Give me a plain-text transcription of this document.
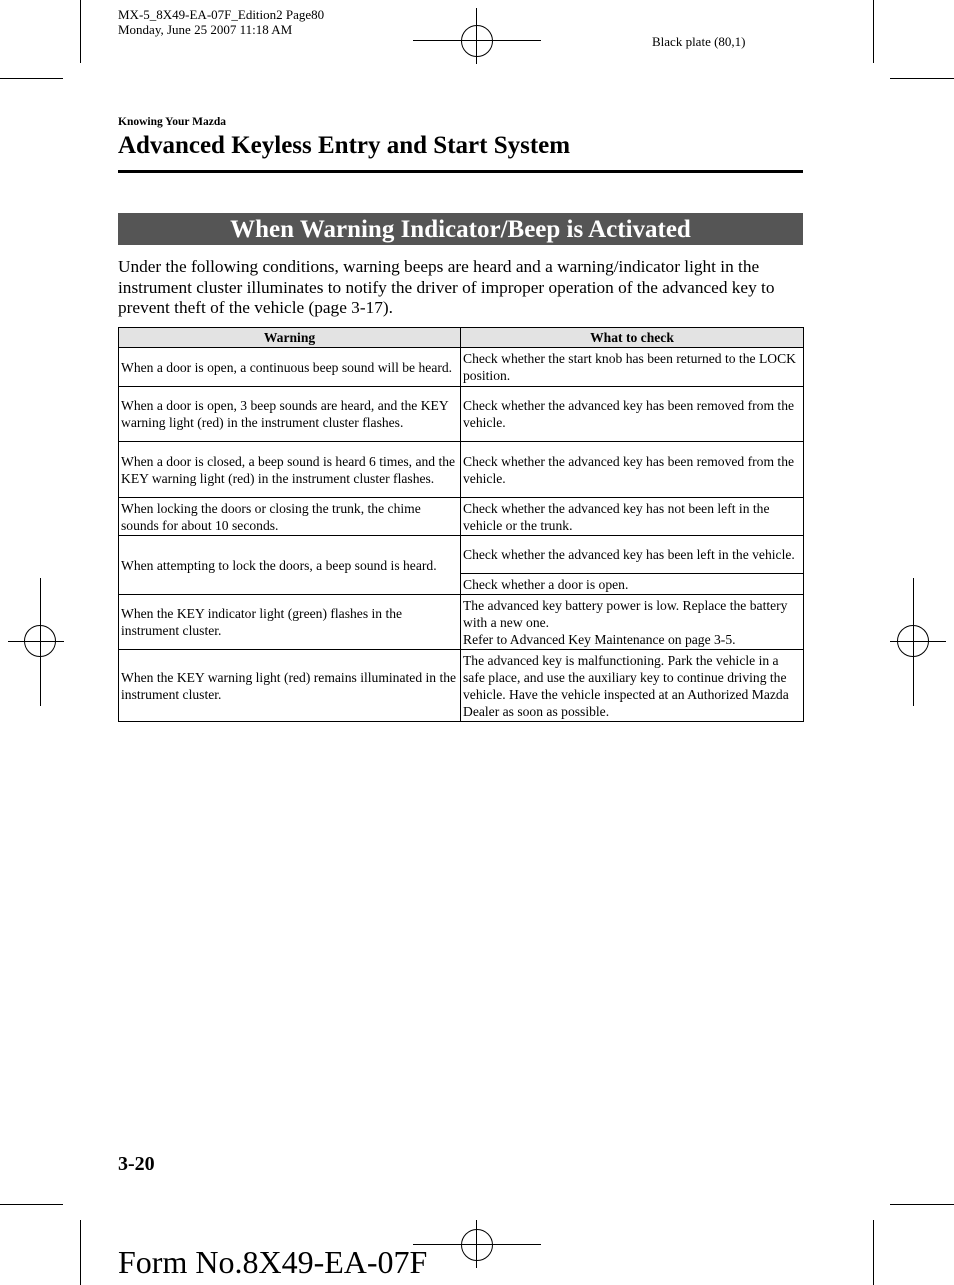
MX-5_8X49-EA-07F_Edition2 Page80
Monday, June 25 2007 11:18 AM
Black plate (80,1)
Knowing Your Mazda
Advanced Keyless Entry and Start System
When Warning Indicator/Beep is Activated
Under the following conditions, warning beeps are heard and a warning/indicator light in the instrument cluster illuminates to notify the driver of improper operation of the advanced key to prevent theft of the vehicle (page 3-17).
Warning	What to check
When a door is open, a continuous beep sound will be heard.	Check whether the start knob has been returned to the LOCK position.
When a door is open, 3 beep sounds are heard, and the KEY warning light (red) in the instrument cluster flashes.	Check whether the advanced key has been removed from the vehicle.
When a door is closed, a beep sound is heard 6 times, and the KEY warning light (red) in the instrument cluster flashes.	Check whether the advanced key has been removed from the vehicle.
When locking the doors or closing the trunk, the chime sounds for about 10 seconds.	Check whether the advanced key has not been left in the vehicle or the trunk.
When attempting to lock the doors, a beep sound is heard.	Check whether the advanced key has been left in the vehicle.
	Check whether a door is open.
When the KEY indicator light (green) flashes in the instrument cluster.	The advanced key battery power is low. Replace the battery with a new one.
Refer to Advanced Key Maintenance on page 3-5.

When the KEY warning light (red) remains illuminated in the instrument cluster.	The advanced key is malfunctioning. Park the vehicle in a safe place, and use the auxiliary key to continue driving the vehicle. Have the vehicle inspected at an Authorized Mazda Dealer as soon as possible.
3-20
Form No.8X49-EA-07F
